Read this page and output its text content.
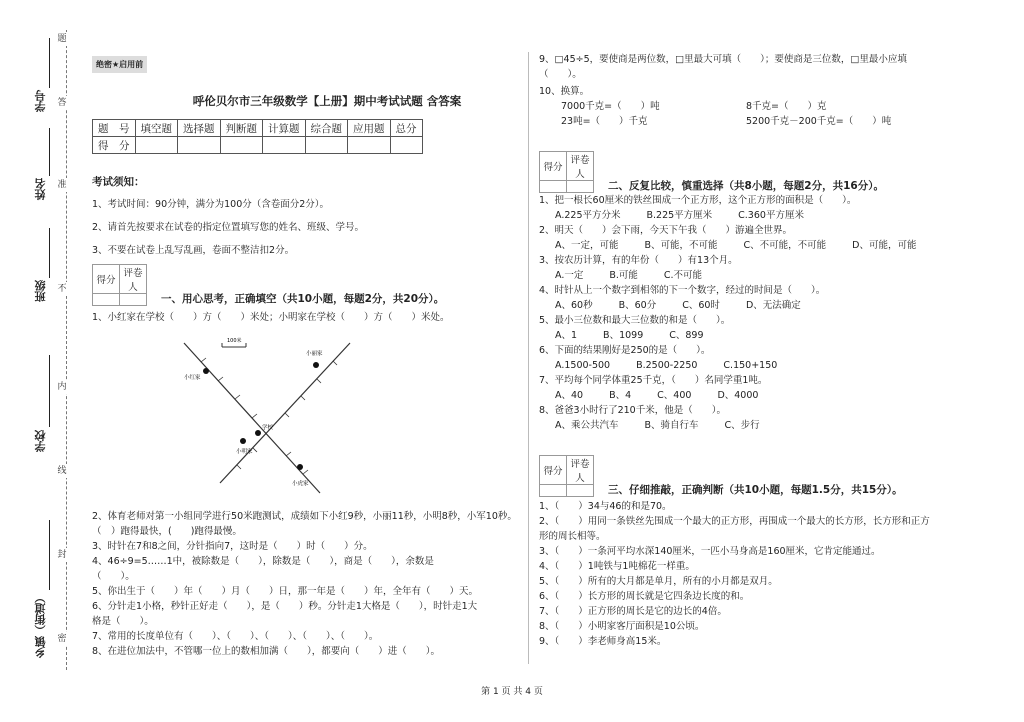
题
答
准
不
内
线
封
密
学号
姓名
班级
学校
乡镇（街道）
绝密★启用前
呼伦贝尔市三年级数学【上册】期中考试试题 含答案
题　号	填空题	选择题	判断题	计算题	综合题	应用题	总分
得　分							
考试须知：
1、考试时间：90分钟，满分为100分（含卷面分2分）。
2、请首先按要求在试卷的指定位置填写您的姓名、班级、学号。
3、不要在试卷上乱写乱画，卷面不整洁扣2分。
得分	评卷人

一、用心思考，正确填空（共10小题，每题2分，共20分）。
1、小红家在学校（　　）方（　　）米处；小明家在学校（　　）方（　　）米处。
100米
小红家
小丽家
学校
小明家
小虎家
2、体育老师对第一小组同学进行50米跑测试，成绩如下小红9秒，小丽11秒，小明8秒，小军10秒。
（　）跑得最快，(　　)跑得最慢。
3、时针在7和8之间，分针指向7，这时是（　　）时（　　）分。
4、46÷9=5……1中，被除数是（　　），除数是（　　），商是（　　），余数是
（　　）。
5、你出生于（　　）年（　　）月（　　）日，那一年是（　　）年，全年有（　　）天。
6、分针走1小格，秒针正好走（　　），是（　　）秒。分针走1大格是（　　），时针走1大
格是（　　）。
7、常用的长度单位有（　　）、（　　）、（　　）、（　　）、（　　）。
8、在进位加法中，不管哪一位上的数相加满（　　），都要向（　　）进（　　）。
9、□45÷5，要使商是两位数，□里最大可填（　　）；要使商是三位数，□里最小应填
（　　）。
10、换算。
7000千克=（　　）吨	8千克=（　　）克
23吨=（　　）千克	5200千克－200千克=（　　）吨
得分	评卷人

二、反复比较，慎重选择（共8小题，每题2分，共16分）。
1、把一根长60厘米的铁丝围成一个正方形，这个正方形的面积是（　　）。
A.225平方分米	B.225平方厘米	C.360平方厘米
2、明天（　　）会下雨，今天下午我（　　）游遍全世界。
A、一定，可能	B、可能，不可能	C、不可能，不可能	D、可能，可能
3、按农历计算，有的年份（　　）有13个月。
A.一定	B.可能	C.不可能
4、时针从上一个数字到相邻的下一个数字，经过的时间是（　　）。
A、60秒	B、60分	C、60时	D、无法确定
5、最小三位数和最大三位数的和是（　　）。
A、1	B、1099	C、899
6、下面的结果刚好是250的是（　　）。
A.1500-500	B.2500-2250	C.150+150
7、平均每个同学体重25千克，（　　）名同学重1吨。
A、40	B、4	C、400	D、4000
8、爸爸3小时行了210千米，他是（　　）。
A、乘公共汽车	B、骑自行车	C、步行
得分	评卷人

三、仔细推敲，正确判断（共10小题，每题1.5分，共15分）。
1、（　　）34与46的和是70。
2、（　　）用同一条铁丝先围成一个最大的正方形，再围成一个最大的长方形，长方形和正方
形的周长相等。
3、（　　）一条河平均水深140厘米，一匹小马身高是160厘米，它肯定能通过。
4、（　　）1吨铁与1吨棉花一样重。
5、（　　）所有的大月都是单月，所有的小月都是双月。
6、（　　）长方形的周长就是它四条边长度的和。
7、（　　）正方形的周长是它的边长的4倍。
8、（　　）小明家客厅面积是10公顷。
9、（　　）李老师身高15米。
第 1 页 共 4 页
